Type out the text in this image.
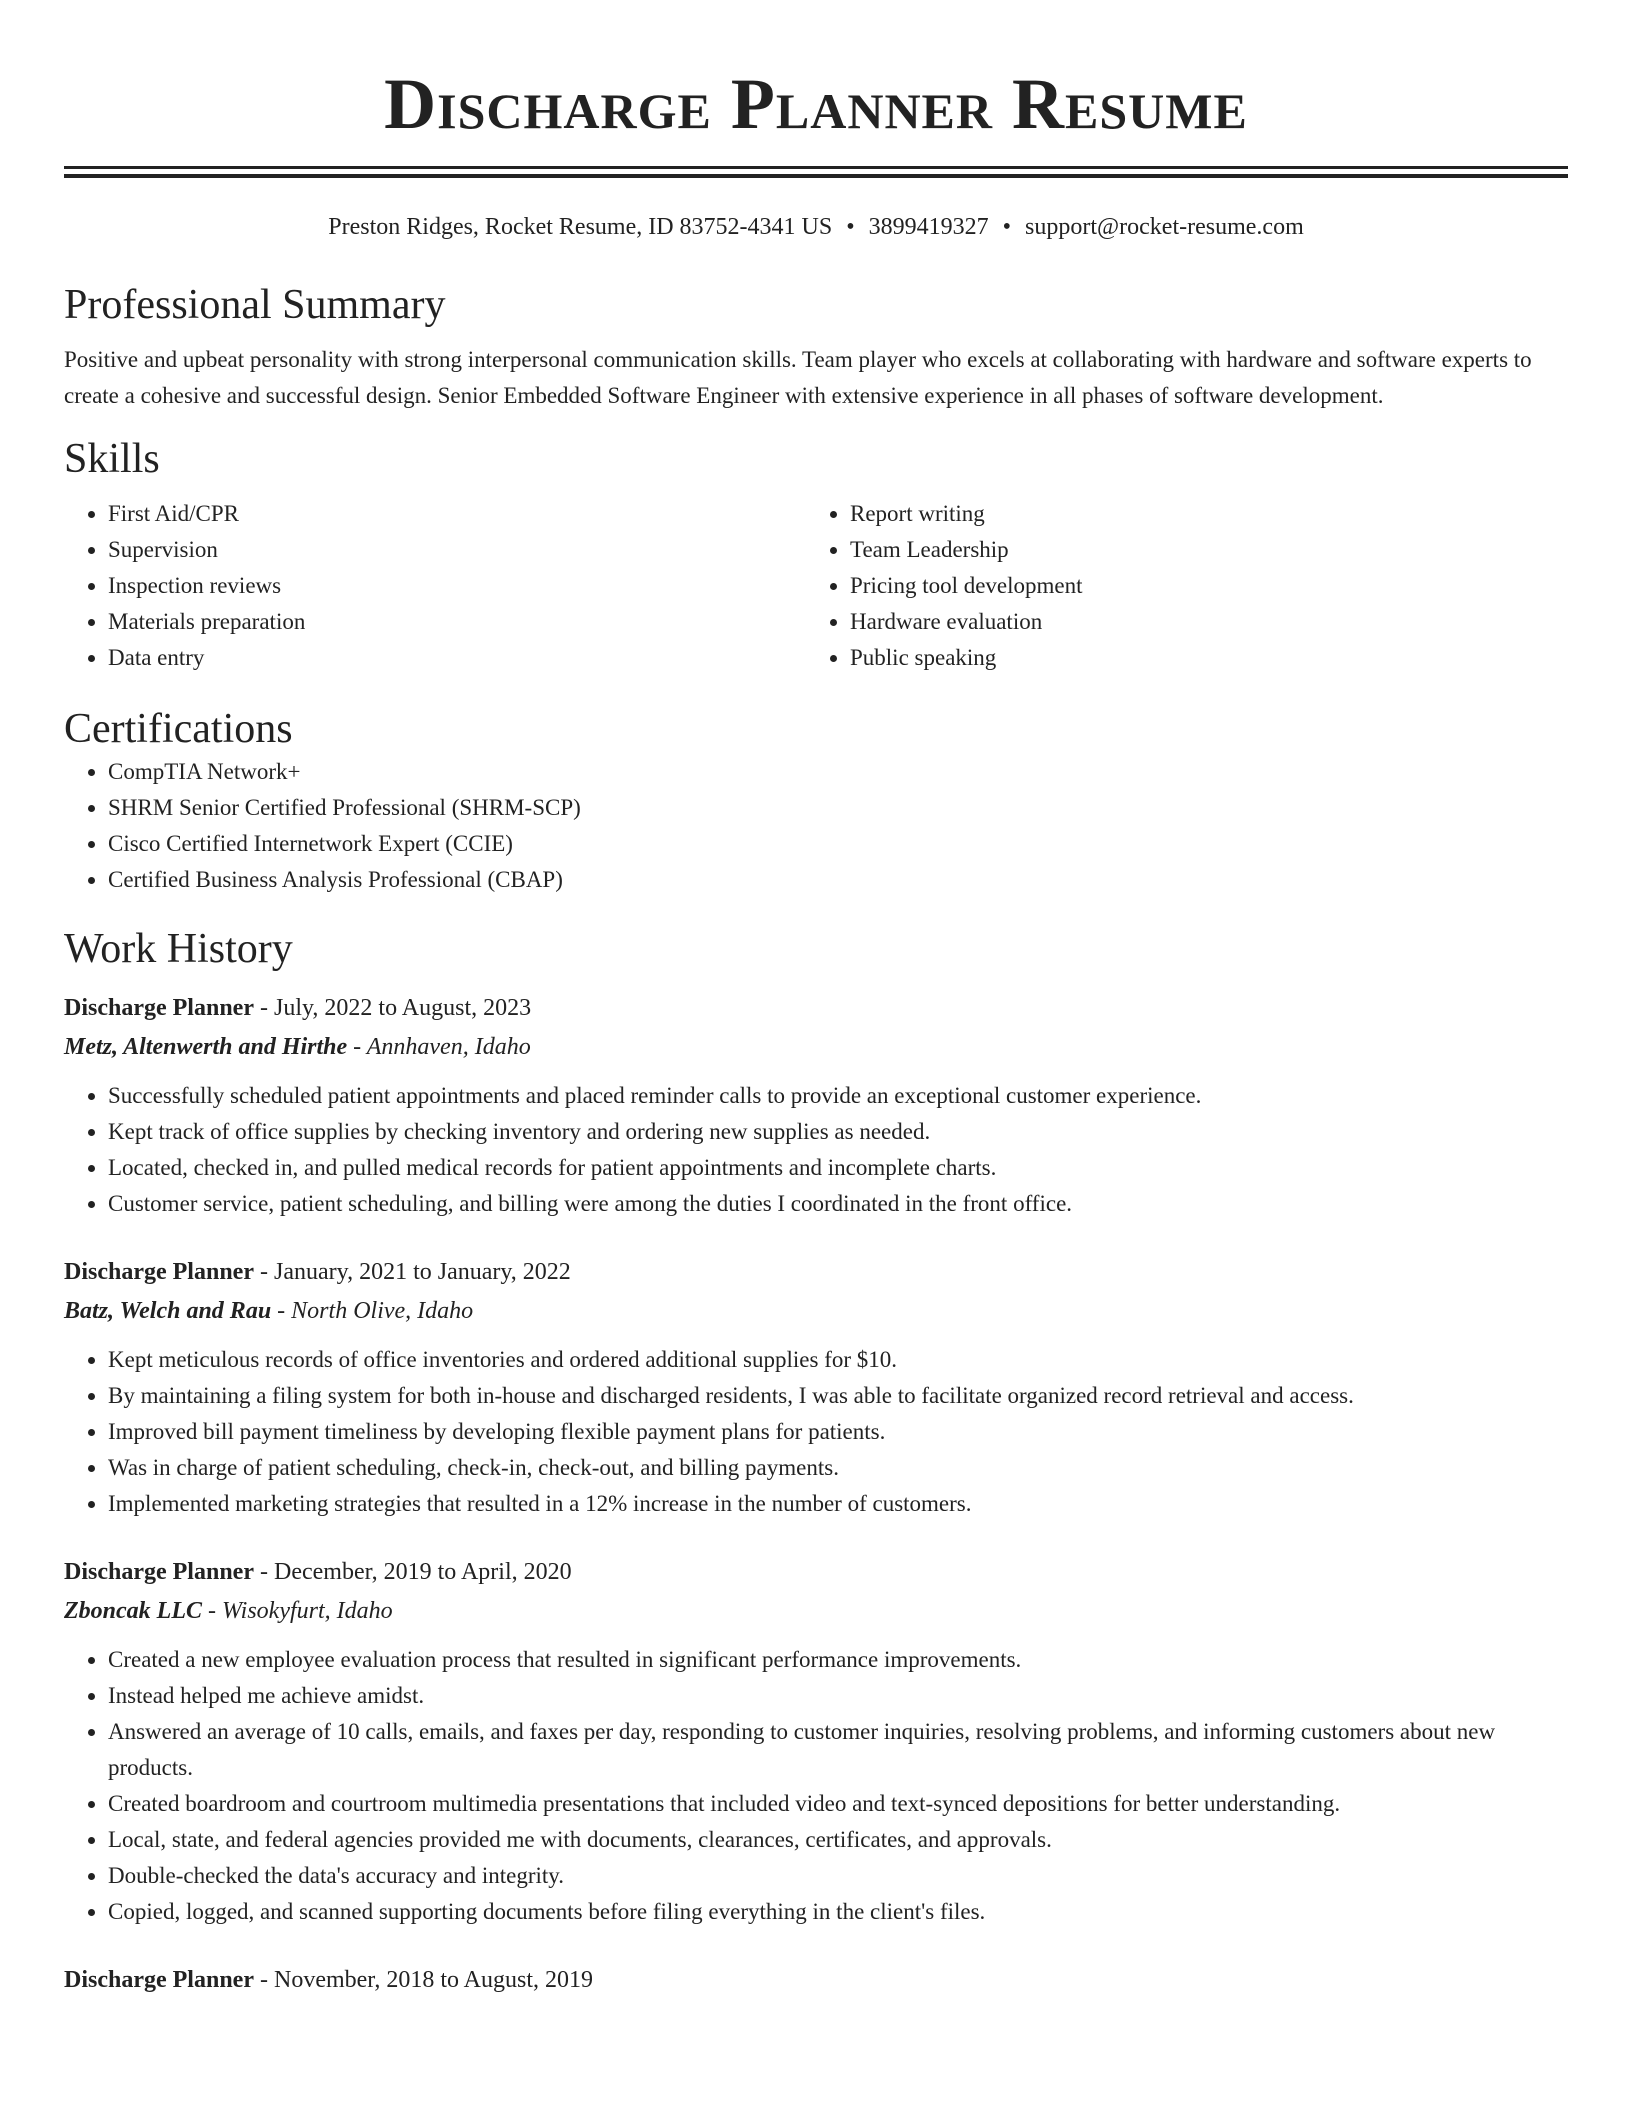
Discharge Planner Resume
Preston Ridges, Rocket Resume, ID 83752-4341 US • 3899419327 • support@rocket-resume.com
Professional Summary
Positive and upbeat personality with strong interpersonal communication skills. Team player who excels at collaborating with hardware and software experts to create a cohesive and successful design. Senior Embedded Software Engineer with extensive experience in all phases of software development.
Skills
• First Aid/CPR
• Supervision
• Inspection reviews
• Materials preparation
• Data entry
• Report writing
• Team Leadership
• Pricing tool development
• Hardware evaluation
• Public speaking
Certifications
• CompTIA Network+
• SHRM Senior Certified Professional (SHRM-SCP)
• Cisco Certified Internetwork Expert (CCIE)
• Certified Business Analysis Professional (CBAP)
Work History
Discharge Planner - July, 2022 to August, 2023
Metz, Altenwerth and Hirthe - Annhaven, Idaho
• Successfully scheduled patient appointments and placed reminder calls to provide an exceptional customer experience.
• Kept track of office supplies by checking inventory and ordering new supplies as needed.
• Located, checked in, and pulled medical records for patient appointments and incomplete charts.
• Customer service, patient scheduling, and billing were among the duties I coordinated in the front office.
Discharge Planner - January, 2021 to January, 2022
Batz, Welch and Rau - North Olive, Idaho
• Kept meticulous records of office inventories and ordered additional supplies for $10.
• By maintaining a filing system for both in-house and discharged residents, I was able to facilitate organized record retrieval and access.
• Improved bill payment timeliness by developing flexible payment plans for patients.
• Was in charge of patient scheduling, check-in, check-out, and billing payments.
• Implemented marketing strategies that resulted in a 12% increase in the number of customers.
Discharge Planner - December, 2019 to April, 2020
Zboncak LLC - Wisokyfurt, Idaho
• Created a new employee evaluation process that resulted in significant performance improvements.
• Instead helped me achieve amidst.
• Answered an average of 10 calls, emails, and faxes per day, responding to customer inquiries, resolving problems, and informing customers about new products.
• Created boardroom and courtroom multimedia presentations that included video and text-synced depositions for better understanding.
• Local, state, and federal agencies provided me with documents, clearances, certificates, and approvals.
• Double-checked the data's accuracy and integrity.
• Copied, logged, and scanned supporting documents before filing everything in the client's files.
Discharge Planner - November, 2018 to August, 2019
